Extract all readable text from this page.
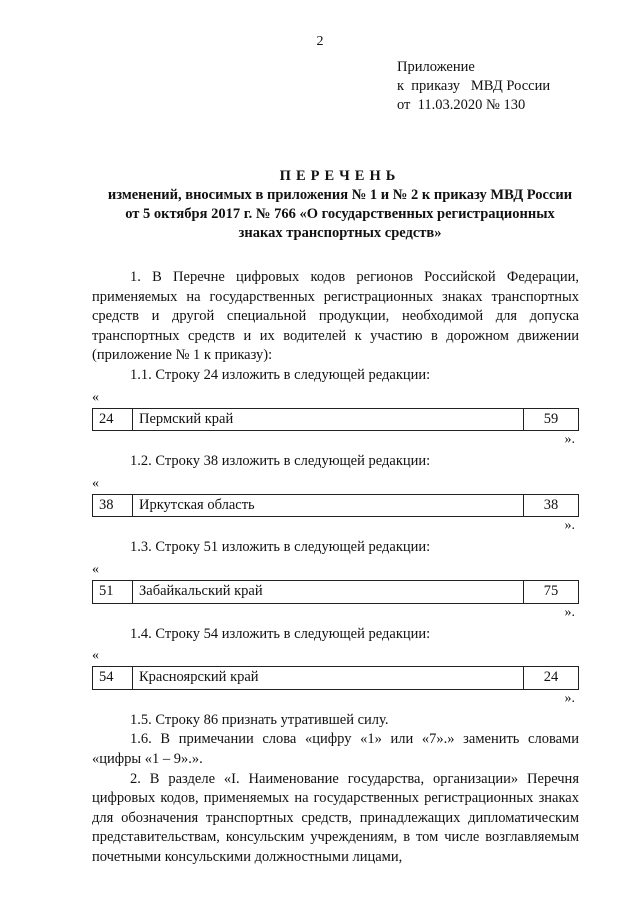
2
Приложение
к  приказу   МВД России
от  11.03.2020 № 130
ПЕРЕЧЕНЬ
изменений, вносимых в приложения № 1 и № 2 к приказу МВД России
от 5 октября 2017 г. № 766 «О государственных регистрационных
знаках транспортных средств»

1. В Перечне цифровых кодов регионов Российской Федерации, применяемых на государственных регистрационных знаках транспортных средств и другой специальной продукции, необходимой для допуска транспортных средств и их водителей к участию в дорожном движении (приложение № 1 к приказу):

1.1. Строку 24 изложить в следующей редакции:
«
24	Пермский край	59
».
1.2. Строку 38 изложить в следующей редакции:
«
38	Иркутская область	38
».
1.3. Строку 51 изложить в следующей редакции:
«
51	Забайкальский край	75
».
1.4. Строку 54 изложить в следующей редакции:
«
54	Красноярский край	24
».
1.5. Строку 86 признать утратившей силу.

1.6. В примечании слова «цифру «1» или «7».» заменить словами «цифры «1 – 9».».

2. В разделе «I. Наименование государства, организации» Перечня цифровых кодов, применяемых на государственных регистрационных знаках для обозначения транспортных средств, принадлежащих дипломатическим представительствам, консульским учреждениям, в том числе возглавляемым почетными консульскими должностными лицами,
